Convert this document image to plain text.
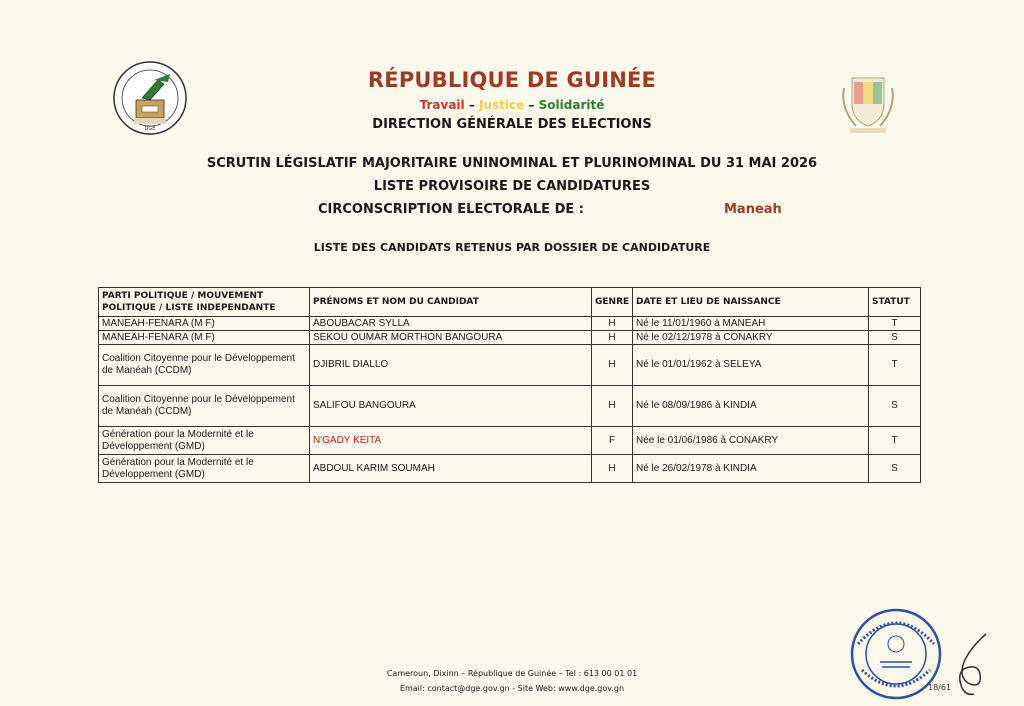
DGE
RÉPUBLIQUE DE GUINÉE
Travail – Justice – Solidarité
DIRECTION GÉNÉRALE DES ELECTIONS
SCRUTIN LÉGISLATIF MAJORITAIRE UNINOMINAL ET PLURINOMINAL DU 31 MAI 2026
LISTE PROVISOIRE DE CANDIDATURES
CIRCONSCRIPTION ELECTORALE DE :	Maneah
LISTE DES CANDIDATS RETENUS PAR DOSSIER DE CANDIDATURE
PARTI POLITIQUE / MOUVEMENT POLITIQUE / LISTE INDEPENDANTE	PRÉNOMS ET NOM DU CANDIDAT	GENRE	DATE ET LIEU DE NAISSANCE	STATUT
MANEAH-FENARA (M F)	ABOUBACAR SYLLA	H	Né le 11/01/1960 à MANEAH	T
MANEAH-FENARA (M F)	SEKOU OUMAR MORTHON BANGOURA	H	Né le 02/12/1978 à CONAKRY	S
Coalition Citoyenne pour le Développement de Manéah (CCDM)	DJIBRIL DIALLO	H	Né le 01/01/1962 à SELEYA	T
Coalition Citoyenne pour le Développement de Manéah (CCDM)	SALIFOU BANGOURA	H	Né le 08/09/1986 à KINDIA	S
Génération pour la Modernité et le Développement (GMD)	N'GADY KEITA	F	Née le 01/06/1986 à CONAKRY	T
Génération pour la Modernité et le Développement (GMD)	ABDOUL KARIM SOUMAH	H	Né le 26/02/1978 à KINDIA	S
Cameroun, Dixinn – République de Guinée – Tel : 613 00 01 01
Email: contact@dge.gov.gn - Site Web: www.dge.gov.gn	18/61
